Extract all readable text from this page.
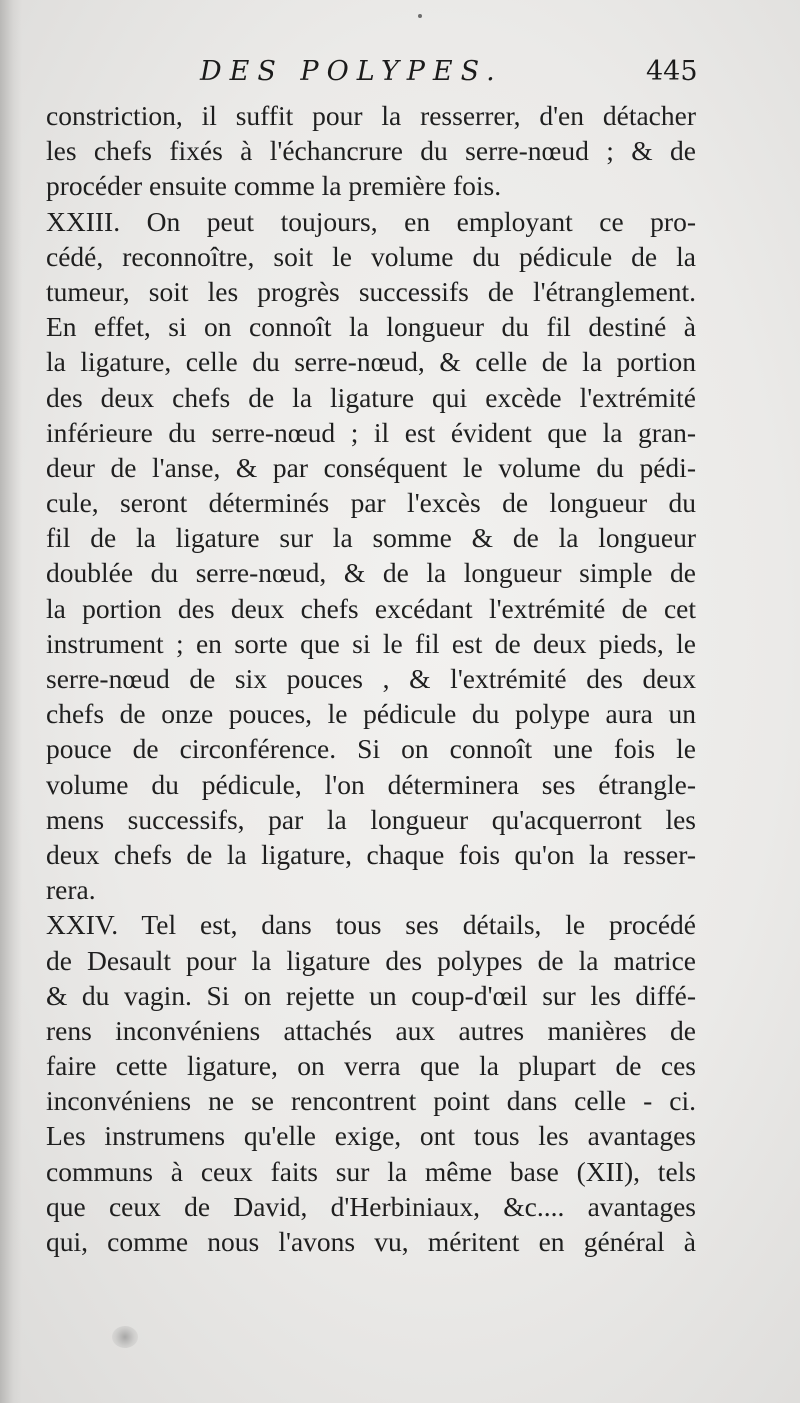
DES POLYPES.	445
constriction, il suffit pour la resserrer, d'en détacher
les chefs fixés à l'échancrure du serre-nœud ; & de
procéder ensuite comme la première fois.
XXIII. On peut toujours, en employant ce pro-
cédé, reconnoître, soit le volume du pédicule de la
tumeur, soit les progrès successifs de l'étranglement.
En effet, si on connoît la longueur du fil destiné à
la ligature, celle du serre-nœud, & celle de la portion
des deux chefs de la ligature qui excède l'extrémité
inférieure du serre-nœud ; il est évident que la gran-
deur de l'anse, & par conséquent le volume du pédi-
cule, seront déterminés par l'excès de longueur du
fil de la ligature sur la somme & de la longueur
doublée du serre-nœud, & de la longueur simple de
la portion des deux chefs excédant l'extrémité de cet
instrument ; en sorte que si le fil est de deux pieds, le
serre-nœud de six pouces , & l'extrémité des deux
chefs de onze pouces, le pédicule du polype aura un
pouce de circonférence. Si on connoît une fois le
volume du pédicule, l'on déterminera ses étrangle-
mens successifs, par la longueur qu'acquerront les
deux chefs de la ligature, chaque fois qu'on la resser-
rera.
XXIV. Tel est, dans tous ses détails, le procédé
de Desault pour la ligature des polypes de la matrice
& du vagin. Si on rejette un coup-d'œil sur les diffé-
rens inconvéniens attachés aux autres manières de
faire cette ligature, on verra que la plupart de ces
inconvéniens ne se rencontrent point dans celle - ci.
Les instrumens qu'elle exige, ont tous les avantages
communs à ceux faits sur la même base (XII), tels
que ceux de David, d'Herbiniaux, &c.... avantages
qui, comme nous l'avons vu, méritent en général à
